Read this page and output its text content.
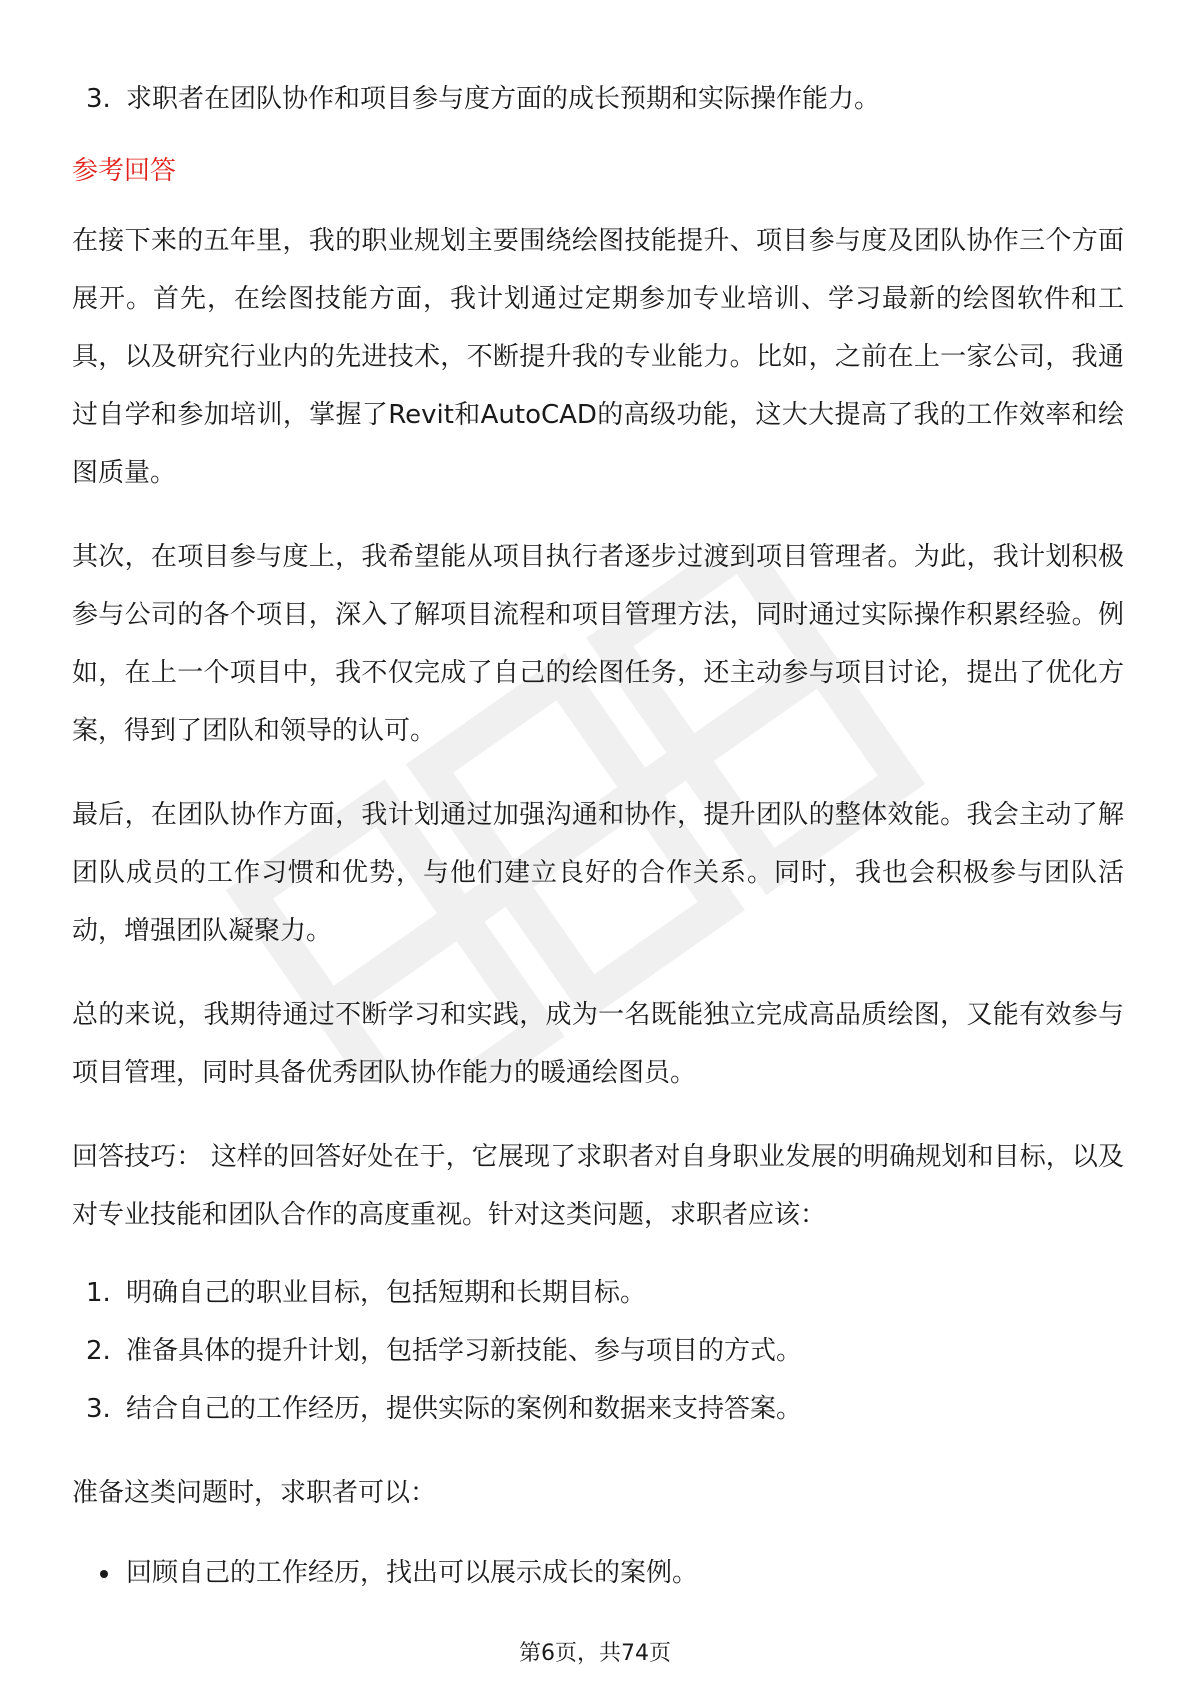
3. 求职者在团队协作和项目参与度方面的成长预期和实际操作能力。
参考回答
在接下来的五年里，我的职业规划主要围绕绘图技能提升、项目参与度及团队协作三个方面展开。首先，在绘图技能方面，我计划通过定期参加专业培训、学习最新的绘图软件和工具，以及研究行业内的先进技术，不断提升我的专业能力。比如，之前在上一家公司，我通过自学和参加培训，掌握了Revit和AutoCAD的高级功能，这大大提高了我的工作效率和绘图质量。
其次，在项目参与度上，我希望能从项目执行者逐步过渡到项目管理者。为此，我计划积极参与公司的各个项目，深入了解项目流程和项目管理方法，同时通过实际操作积累经验。例如，在上一个项目中，我不仅完成了自己的绘图任务，还主动参与项目讨论，提出了优化方案，得到了团队和领导的认可。
最后，在团队协作方面，我计划通过加强沟通和协作，提升团队的整体效能。我会主动了解团队成员的工作习惯和优势，与他们建立良好的合作关系。同时，我也会积极参与团队活动，增强团队凝聚力。
总的来说，我期待通过不断学习和实践，成为一名既能独立完成高品质绘图，又能有效参与项目管理，同时具备优秀团队协作能力的暖通绘图员。
回答技巧： 这样的回答好处在于，它展现了求职者对自身职业发展的明确规划和目标，以及对专业技能和团队合作的高度重视。针对这类问题，求职者应该：
1. 明确自己的职业目标，包括短期和长期目标。
2. 准备具体的提升计划，包括学习新技能、参与项目的方式。
3. 结合自己的工作经历，提供实际的案例和数据来支持答案。
准备这类问题时，求职者可以：
回顾自己的工作经历，找出可以展示成长的案例。
第6页，共74页
